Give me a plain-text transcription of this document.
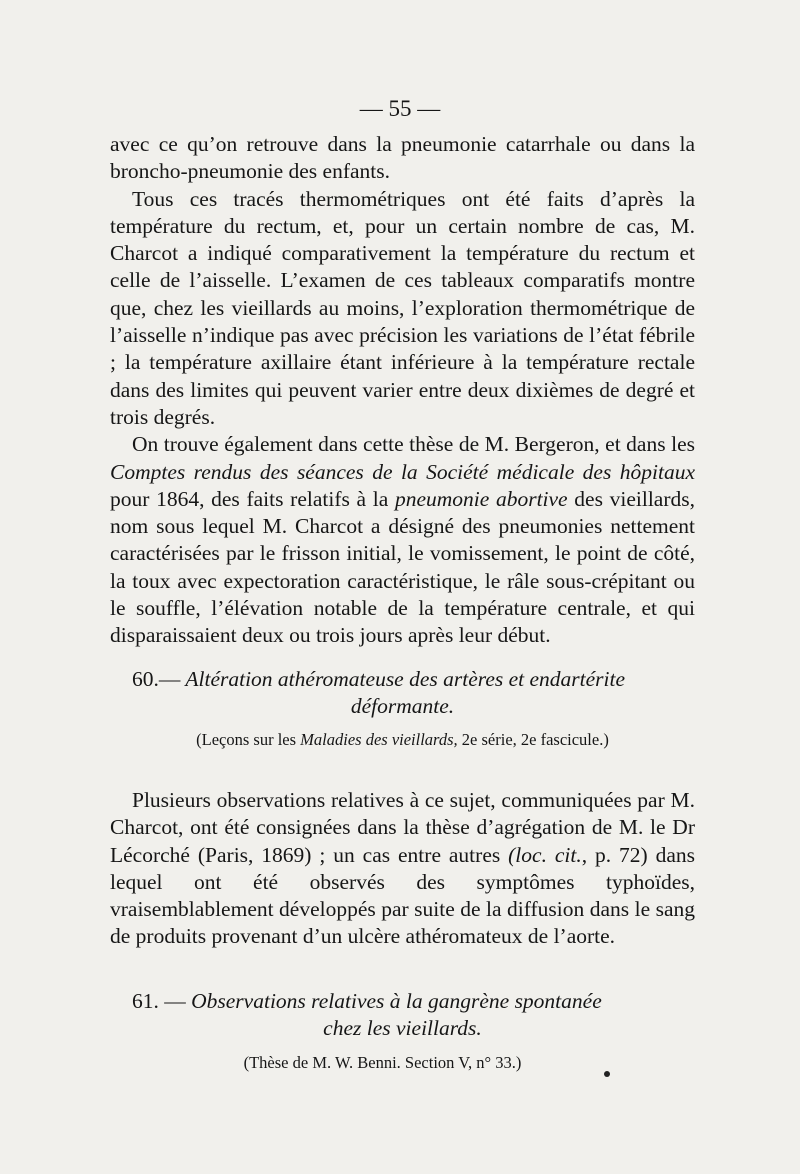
— 55 —

avec ce qu’on retrouve dans la pneumonie catarrhale ou dans la broncho-pneumonie des enfants.

Tous ces tracés thermométriques ont été faits d’après la température du rectum, et, pour un certain nombre de cas, M. Charcot a indiqué comparativement la température du rectum et celle de l’aisselle. L’examen de ces tableaux comparatifs montre que, chez les vieillards au moins, l’exploration thermométrique de l’aisselle n’indique pas avec précision les variations de l’état fébrile ; la température axillaire étant inférieure à la température rectale dans des limites qui peuvent varier entre deux dixièmes de degré et trois degrés.

On trouve également dans cette thèse de M. Bergeron, et dans les Comptes rendus des séances de la Société médicale des hôpitaux pour 1864, des faits relatifs à la pneumonie abortive des vieillards, nom sous lequel M. Charcot a désigné des pneumonies nettement caractérisées par le frisson initial, le vomissement, le point de côté, la toux avec expectoration caractéristique, le râle sous-crépitant ou le souffle, l’élévation notable de la température centrale, et qui disparaissaient deux ou trois jours après leur début.

60.— Altération athéromateuse des artères et endartérite
déformante.
(Leçons sur les Maladies des vieillards, 2e série, 2e fascicule.)

Plusieurs observations relatives à ce sujet, communiquées par M. Charcot, ont été consignées dans la thèse d’agrégation de M. le Dr Lécorché (Paris, 1869) ; un cas entre autres (loc. cit., p. 72) dans lequel ont été observés des symptômes typhoïdes, vraisemblablement développés par suite de la diffusion dans le sang de produits provenant d’un ulcère athéromateux de l’aorte.

61. — Observations relatives à la gangrène spontanée
chez les vieillards.
(Thèse de M. W. Benni. Section V, n° 33.)
